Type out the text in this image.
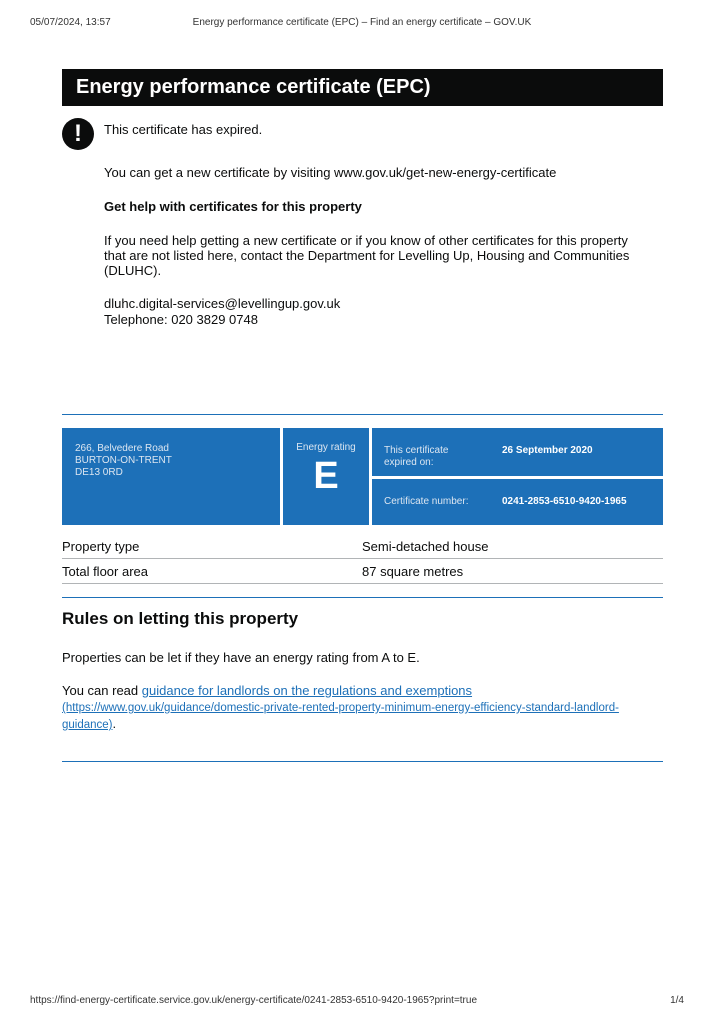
05/07/2024, 13:57	Energy performance certificate (EPC) – Find an energy certificate – GOV.UK
Energy performance certificate (EPC)
!	This certificate has expired.
You can get a new certificate by visiting www.gov.uk/get-new-energy-certificate
Get help with certificates for this property
If you need help getting a new certificate or if you know of other certificates for this property that are not listed here, contact the Department for Levelling Up, Housing and Communities (DLUHC).
dluhc.digital-services@levellingup.gov.uk
Telephone: 020 3829 0748
266, Belvedere Road
BURTON-ON-TRENT
DE13 0RD
Energy rating
E
This certificate expired on:
26 September 2020
Certificate number:	0241-2853-6510-9420-1965
Property type	Semi-detached house
Total floor area	87 square metres
Rules on letting this property
Properties can be let if they have an energy rating from A to E.
You can read guidance for landlords on the regulations and exemptions (https://www.gov.uk/guidance/domestic-private-rented-property-minimum-energy-efficiency-standard-landlord-guidance).
https://find-energy-certificate.service.gov.uk/energy-certificate/0241-2853-6510-9420-1965?print=true	1/4
